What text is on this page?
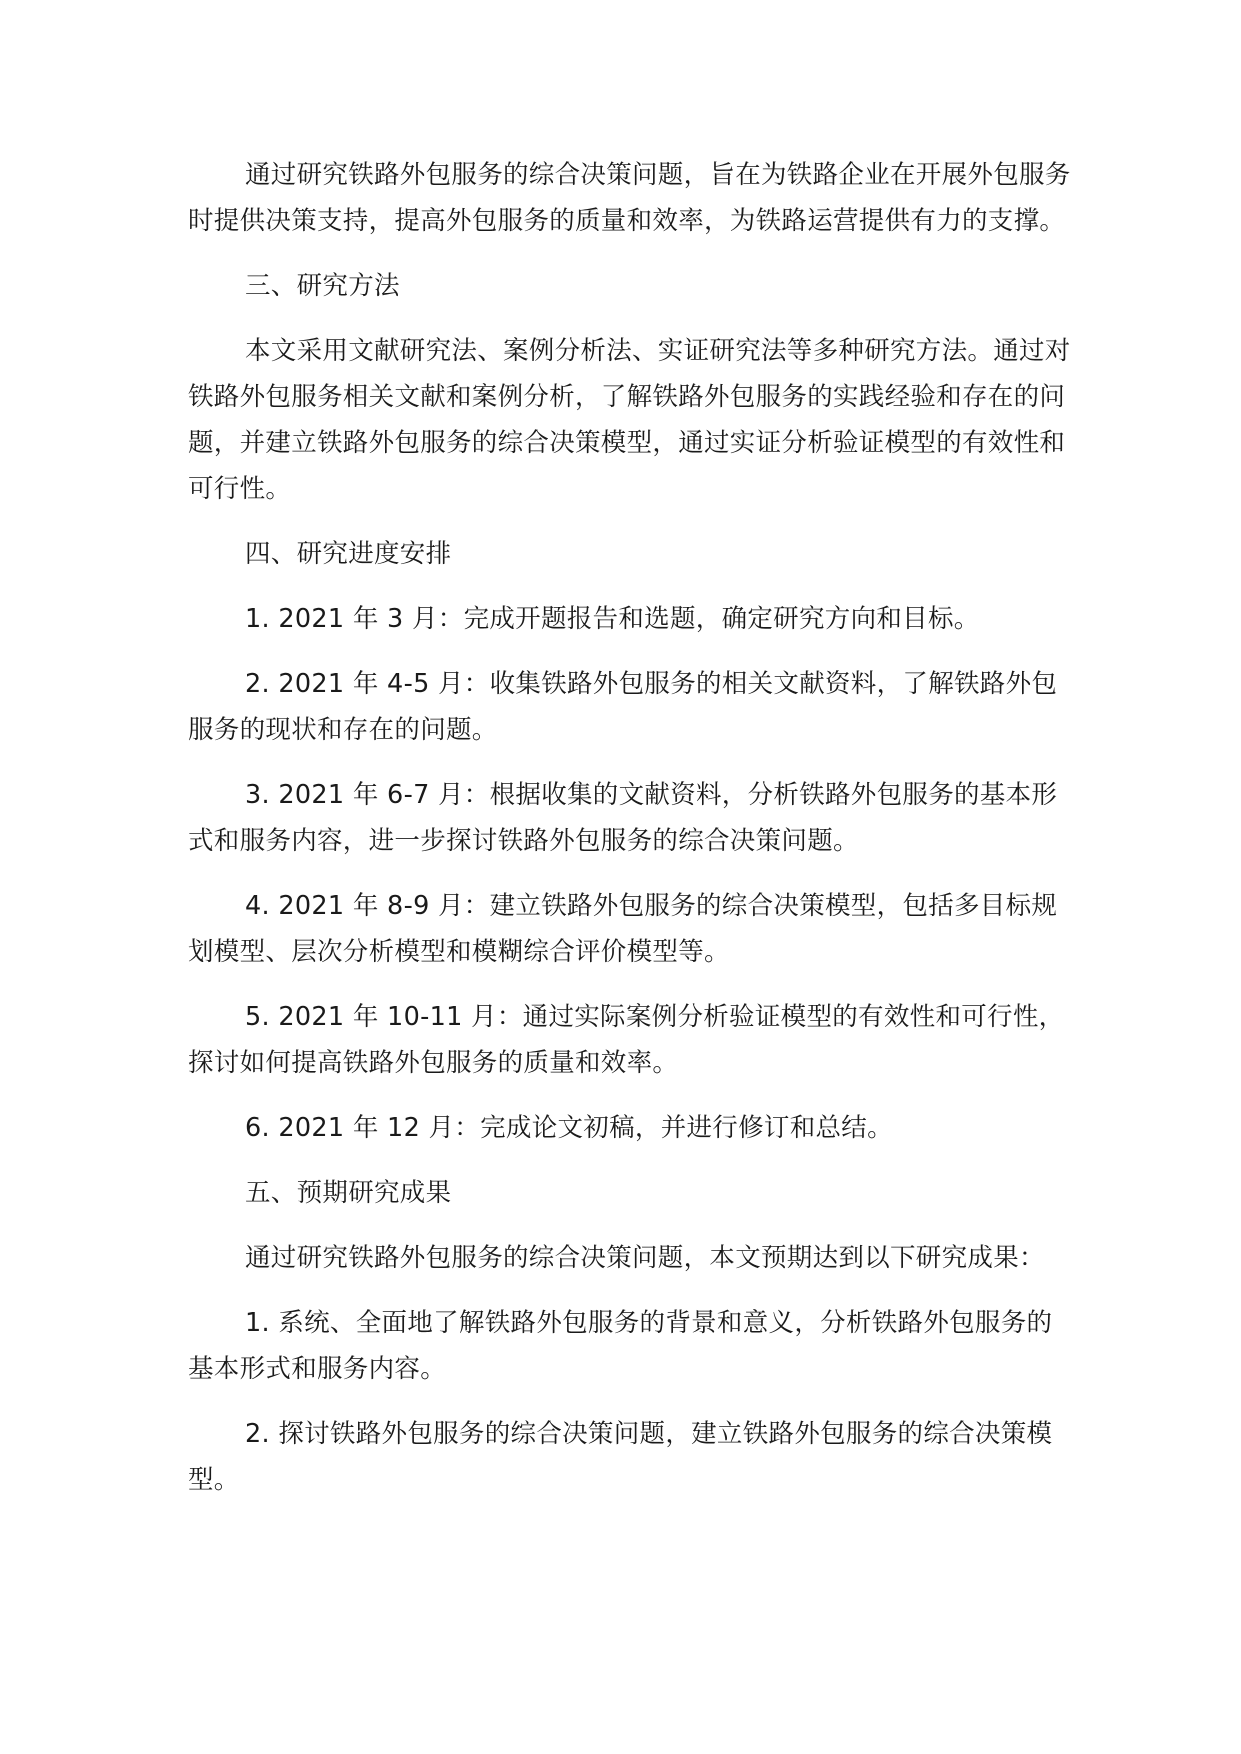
通过研究铁路外包服务的综合决策问题，旨在为铁路企业在开展外包服务时提供决策支持，提高外包服务的质量和效率，为铁路运营提供有力的支撑。

三、研究方法

本文采用文献研究法、案例分析法、实证研究法等多种研究方法。通过对铁路外包服务相关文献和案例分析，了解铁路外包服务的实践经验和存在的问题，并建立铁路外包服务的综合决策模型，通过实证分析验证模型的有效性和可行性。

四、研究进度安排

1. 2021 年 3 月：完成开题报告和选题，确定研究方向和目标。

2. 2021 年 4-5 月：收集铁路外包服务的相关文献资料，了解铁路外包服务的现状和存在的问题。

3. 2021 年 6-7 月：根据收集的文献资料，分析铁路外包服务的基本形式和服务内容，进一步探讨铁路外包服务的综合决策问题。

4. 2021 年 8-9 月：建立铁路外包服务的综合决策模型，包括多目标规划模型、层次分析模型和模糊综合评价模型等。

5. 2021 年 10-11 月：通过实际案例分析验证模型的有效性和可行性，探讨如何提高铁路外包服务的质量和效率。

6. 2021 年 12 月：完成论文初稿，并进行修订和总结。

五、预期研究成果

通过研究铁路外包服务的综合决策问题，本文预期达到以下研究成果：

1. 系统、全面地了解铁路外包服务的背景和意义，分析铁路外包服务的基本形式和服务内容。

2. 探讨铁路外包服务的综合决策问题，建立铁路外包服务的综合决策模型。
